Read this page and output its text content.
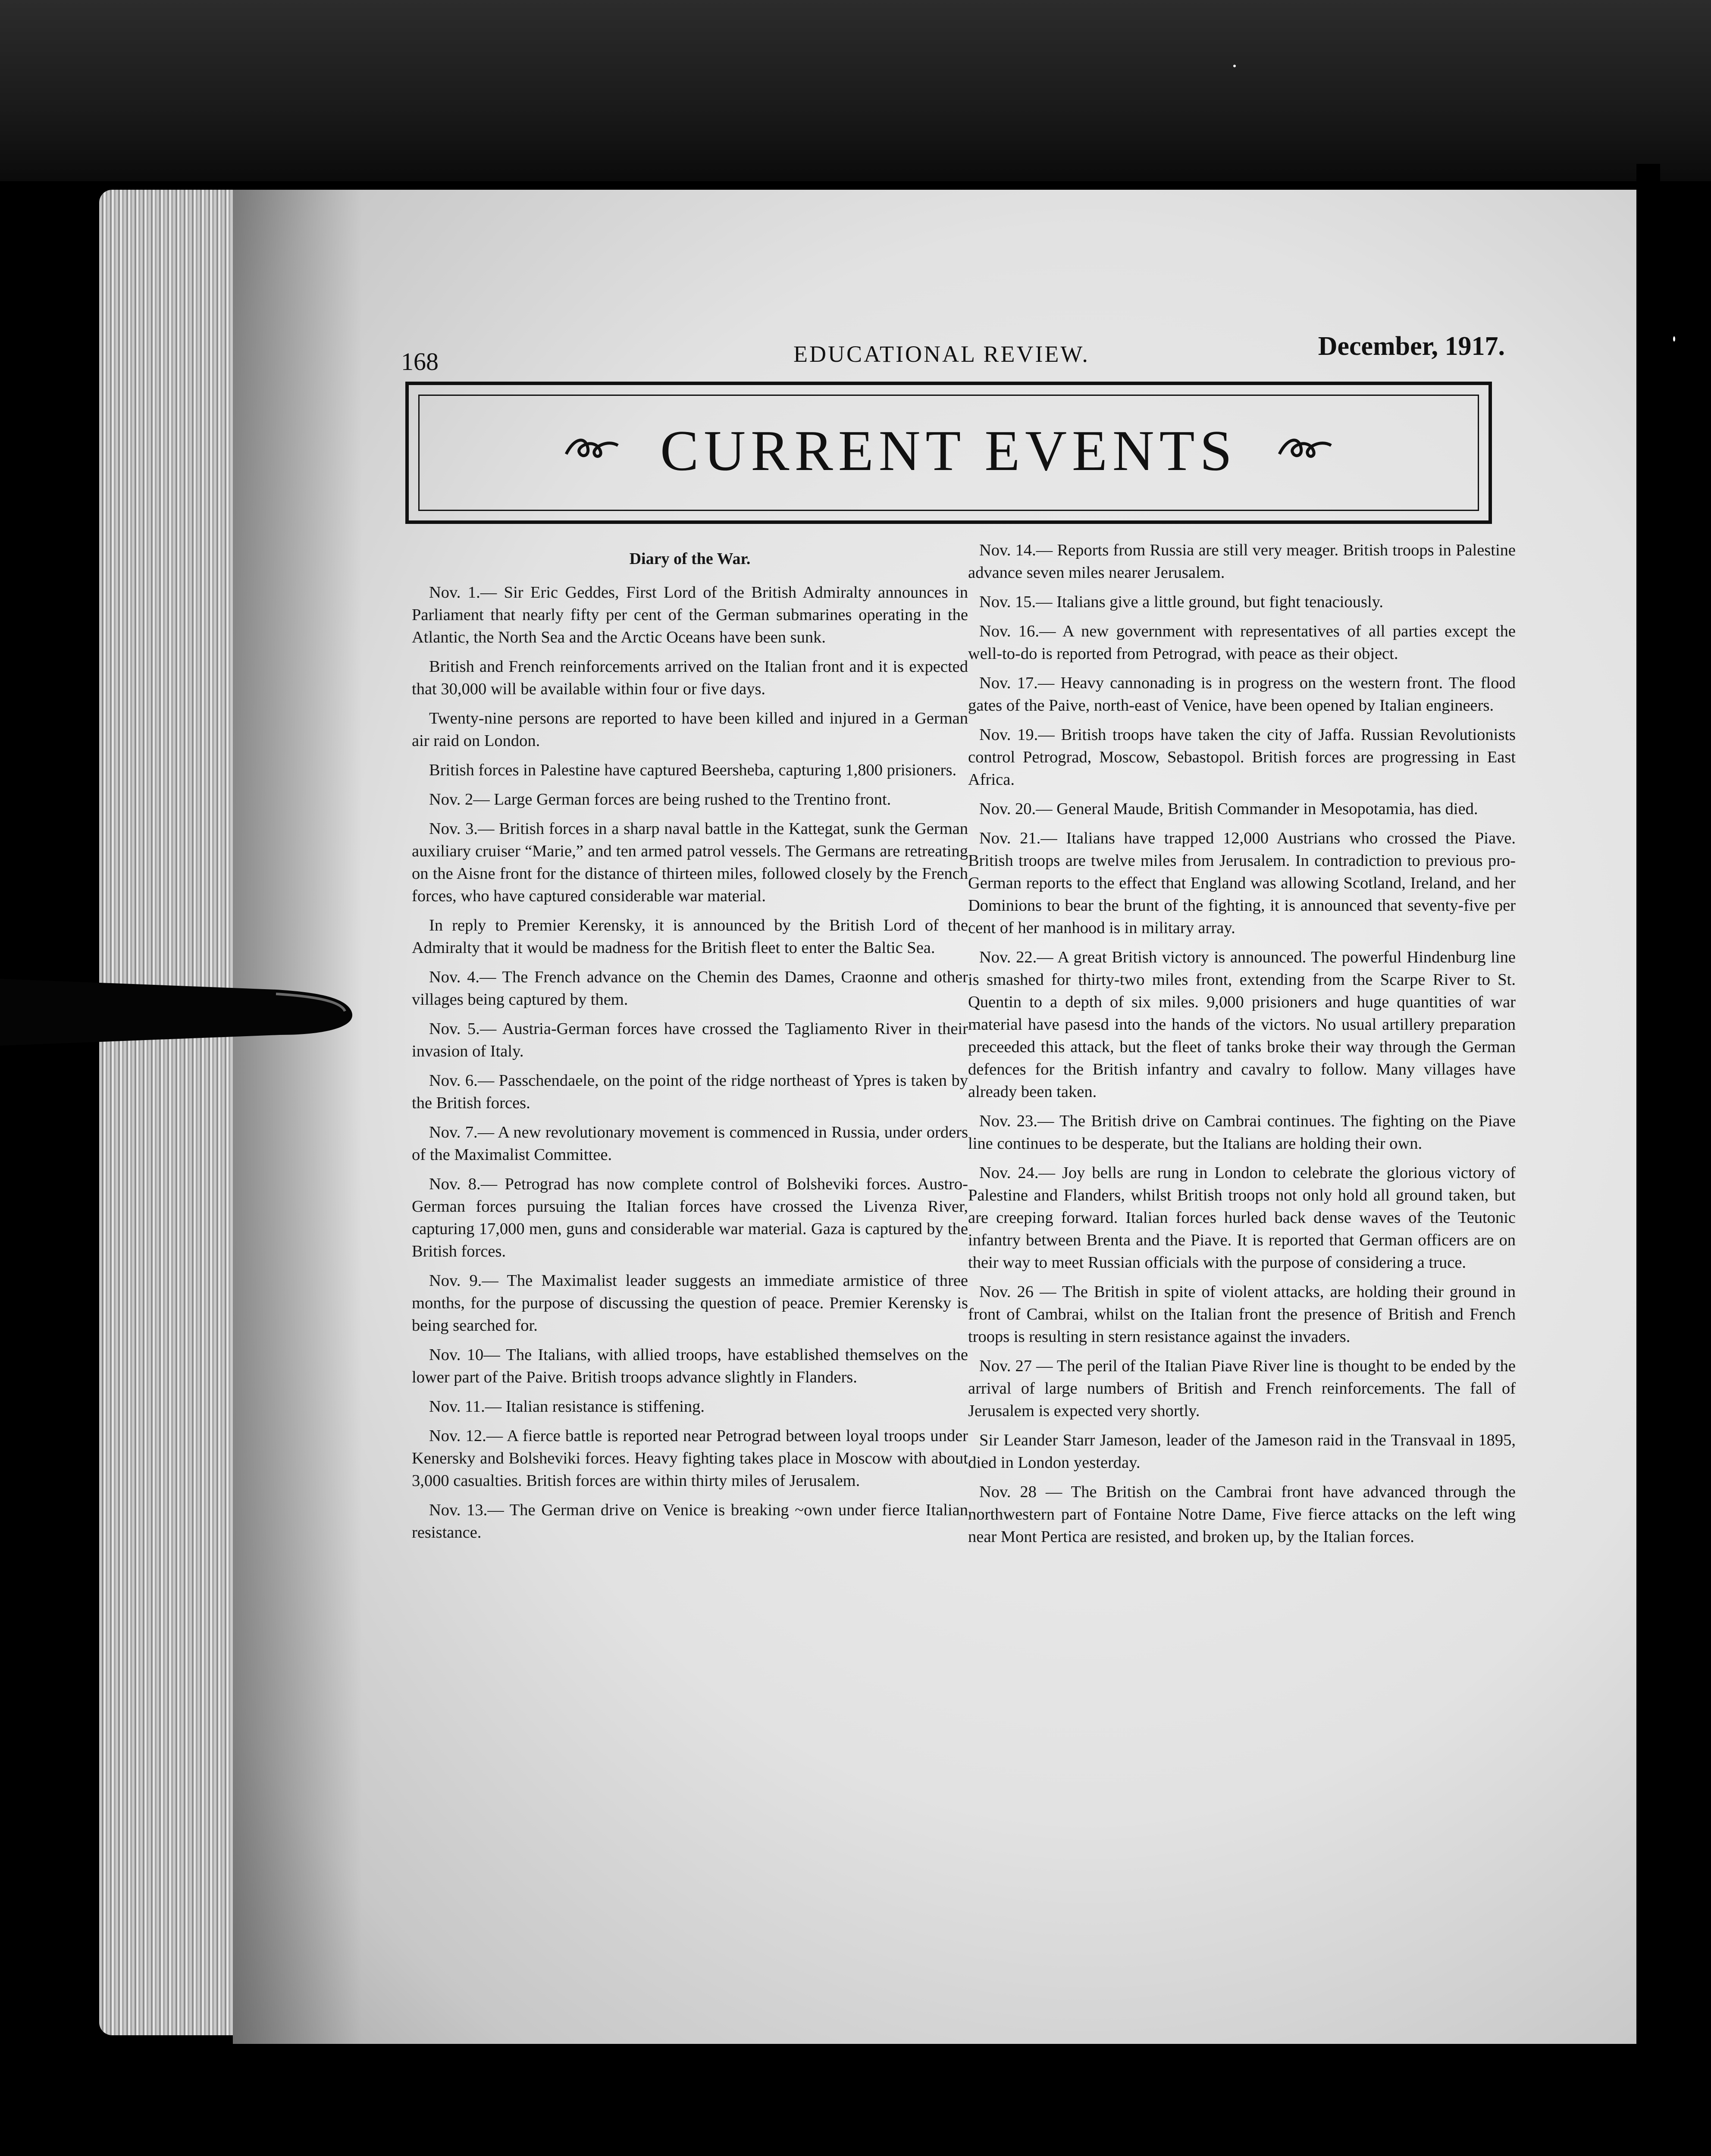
168	EDUCATIONAL REVIEW.	December, 1917.
CURRENT EVENTS

Diary of the War.

Nov. 1.— Sir Eric Geddes, First Lord of the British Admiralty announces in Parliament that nearly fifty per cent of the German submarines operating in the Atlantic, the North Sea and the Arctic Oceans have been sunk.

British and French reinforcements arrived on the Italian front and it is expected that 30,000 will be available within four or five days.

Twenty-nine persons are reported to have been killed and injured in a German air raid on London.

British forces in Palestine have captured Beersheba, capturing 1,800 prisioners.

Nov. 2— Large German forces are being rushed to the Trentino front.

Nov. 3.— British forces in a sharp naval battle in the Kattegat, sunk the German auxiliary cruiser “Marie,” and ten armed patrol vessels. The Germans are retreating on the Aisne front for the distance of thirteen miles, followed closely by the French forces, who have captured considerable war material.

In reply to Premier Kerensky, it is announced by the British Lord of the Admiralty that it would be madness for the British fleet to enter the Baltic Sea.

Nov. 4.— The French advance on the Chemin des Dames, Craonne and other villages being captured by them.

Nov. 5.— Austria-German forces have crossed the Tagliamento River in their invasion of Italy.

Nov. 6.— Passchendaele, on the point of the ridge northeast of Ypres is taken by the British forces.

Nov. 7.— A new revolutionary movement is commenced in Russia, under orders of the Maximalist Committee.

Nov. 8.— Petrograd has now complete control of Bolsheviki forces. Austro-German forces pursuing the Italian forces have crossed the Livenza River, capturing 17,000 men, guns and considerable war material. Gaza is captured by the British forces.

Nov. 9.— The Maximalist leader suggests an immediate armistice of three months, for the purpose of discussing the question of peace. Premier Kerensky is being searched for.

Nov. 10— The Italians, with allied troops, have established themselves on the lower part of the Paive. British troops advance slightly in Flanders.

Nov. 11.— Italian resistance is stiffening.

Nov. 12.— A fierce battle is reported near Petrograd between loyal troops under Kenersky and Bolsheviki forces. Heavy fighting takes place in Moscow with about 3,000 casualties. British forces are within thirty miles of Jerusalem.

Nov. 13.— The German drive on Venice is breaking ~own under fierce Italian resistance.

Nov. 14.— Reports from Russia are still very meager. British troops in Palestine advance seven miles nearer Jerusalem.

Nov. 15.— Italians give a little ground, but fight tenaciously.

Nov. 16.— A new government with representatives of all parties except the well-to-do is reported from Petrograd, with peace as their object.

Nov. 17.— Heavy cannonading is in progress on the western front. The flood gates of the Paive, north-east of Venice, have been opened by Italian engineers.

Nov. 19.— British troops have taken the city of Jaffa. Russian Revolutionists control Petrograd, Moscow, Sebastopol. British forces are progressing in East Africa.

Nov. 20.— General Maude, British Commander in Mesopotamia, has died.

Nov. 21.— Italians have trapped 12,000 Austrians who crossed the Piave. British troops are twelve miles from Jerusalem. In contradiction to previous pro-German reports to the effect that England was allowing Scotland, Ireland, and her Dominions to bear the brunt of the fighting, it is announced that seventy-five per cent of her manhood is in military array.

Nov. 22.— A great British victory is announced. The powerful Hindenburg line is smashed for thirty-two miles front, extending from the Scarpe River to St. Quentin to a depth of six miles. 9,000 prisioners and huge quantities of war material have pasesd into the hands of the victors. No usual artillery preparation preceeded this attack, but the fleet of tanks broke their way through the German defences for the British infantry and cavalry to follow. Many villages have already been taken.

Nov. 23.— The British drive on Cambrai continues. The fighting on the Piave line continues to be desperate, but the Italians are holding their own.

Nov. 24.— Joy bells are rung in London to celebrate the glorious victory of Palestine and Flanders, whilst British troops not only hold all ground taken, but are creeping forward. Italian forces hurled back dense waves of the Teutonic infantry between Brenta and the Piave. It is reported that German officers are on their way to meet Russian officials with the purpose of considering a truce.

Nov. 26 — The British in spite of violent attacks, are holding their ground in front of Cambrai, whilst on the Italian front the presence of British and French troops is resulting in stern resistance against the invaders.

Nov. 27 — The peril of the Italian Piave River line is thought to be ended by the arrival of large numbers of British and French reinforcements. The fall of Jerusalem is expected very shortly.

Sir Leander Starr Jameson, leader of the Jameson raid in the Transvaal in 1895, died in London yesterday.

Nov. 28 — The British on the Cambrai front have advanced through the northwestern part of Fontaine Notre Dame, Five fierce attacks on the left wing near Mont Pertica are resisted, and broken up, by the Italian forces.
